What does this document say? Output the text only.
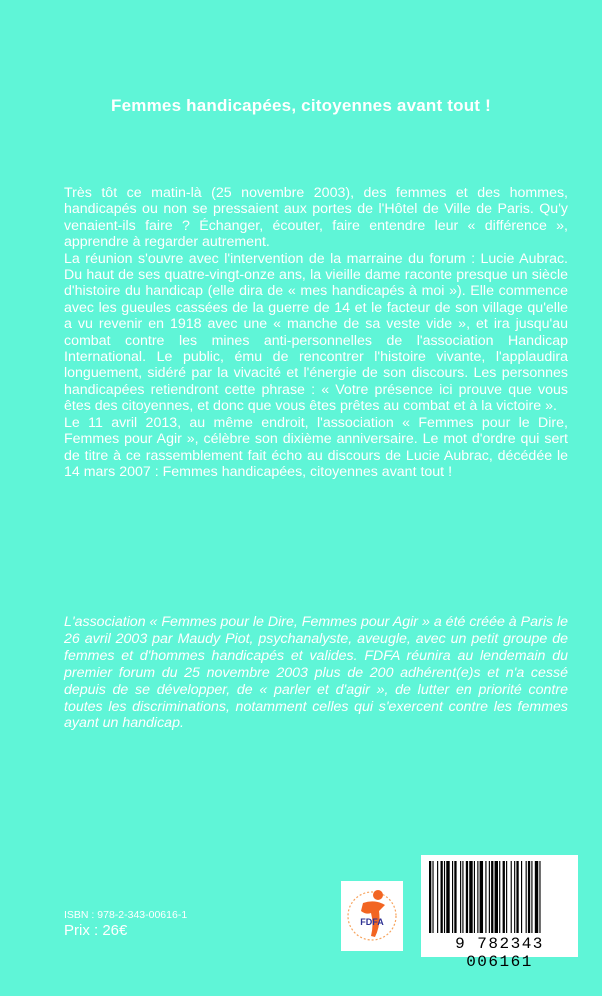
Femmes handicapées, citoyennes avant tout !

Très tôt ce matin-là (25 novembre 2003), des femmes et des hommes, handicapés ou non se pressaient aux portes de l'Hôtel de Ville de Paris. Qu'y venaient-ils faire ? Échanger, écouter, faire entendre leur « différence », apprendre à regarder autrement.

La réunion s'ouvre avec l'intervention de la marraine du forum : Lucie Aubrac. Du haut de ses quatre-vingt-onze ans, la vieille dame raconte presque un siècle d'histoire du handicap (elle dira de « mes handicapés à moi »). Elle commence avec les gueules cassées de la guerre de 14 et le facteur de son village qu'elle a vu revenir en 1918 avec une « manche de sa veste vide », et ira jusqu'au combat contre les mines anti-personnelles de l'association Handicap International. Le public, ému de rencontrer l'histoire vivante, l'applaudira longuement, sidéré par la vivacité et l'énergie de son discours. Les personnes handicapées retiendront cette phrase : « Votre présence ici prouve que vous êtes des citoyennes, et donc que vous êtes prêtes au combat et à la victoire ».

Le 11 avril 2013, au même endroit, l'association « Femmes pour le Dire, Femmes pour Agir », célèbre son dixième anniversaire. Le mot d'ordre qui sert de titre à ce rassemblement fait écho au discours de Lucie Aubrac, décédée le 14 mars 2007 : Femmes handicapées, citoyennes avant tout !

L'association « Femmes pour le Dire, Femmes pour Agir » a été créée à Paris le 26 avril 2003 par Maudy Piot, psychanalyste, aveugle, avec un petit groupe de femmes et d'hommes handicapés et valides. FDFA réunira au lendemain du premier forum du 25 novembre 2003 plus de 200 adhérent(e)s et n'a cessé depuis de se développer, de « parler et d'agir », de lutter en priorité contre toutes les discriminations, notamment celles qui s'exercent contre les femmes ayant un handicap.
ISBN : 978-2-343-00616-1
Prix : 26€	FDFA
9 782343 006161
